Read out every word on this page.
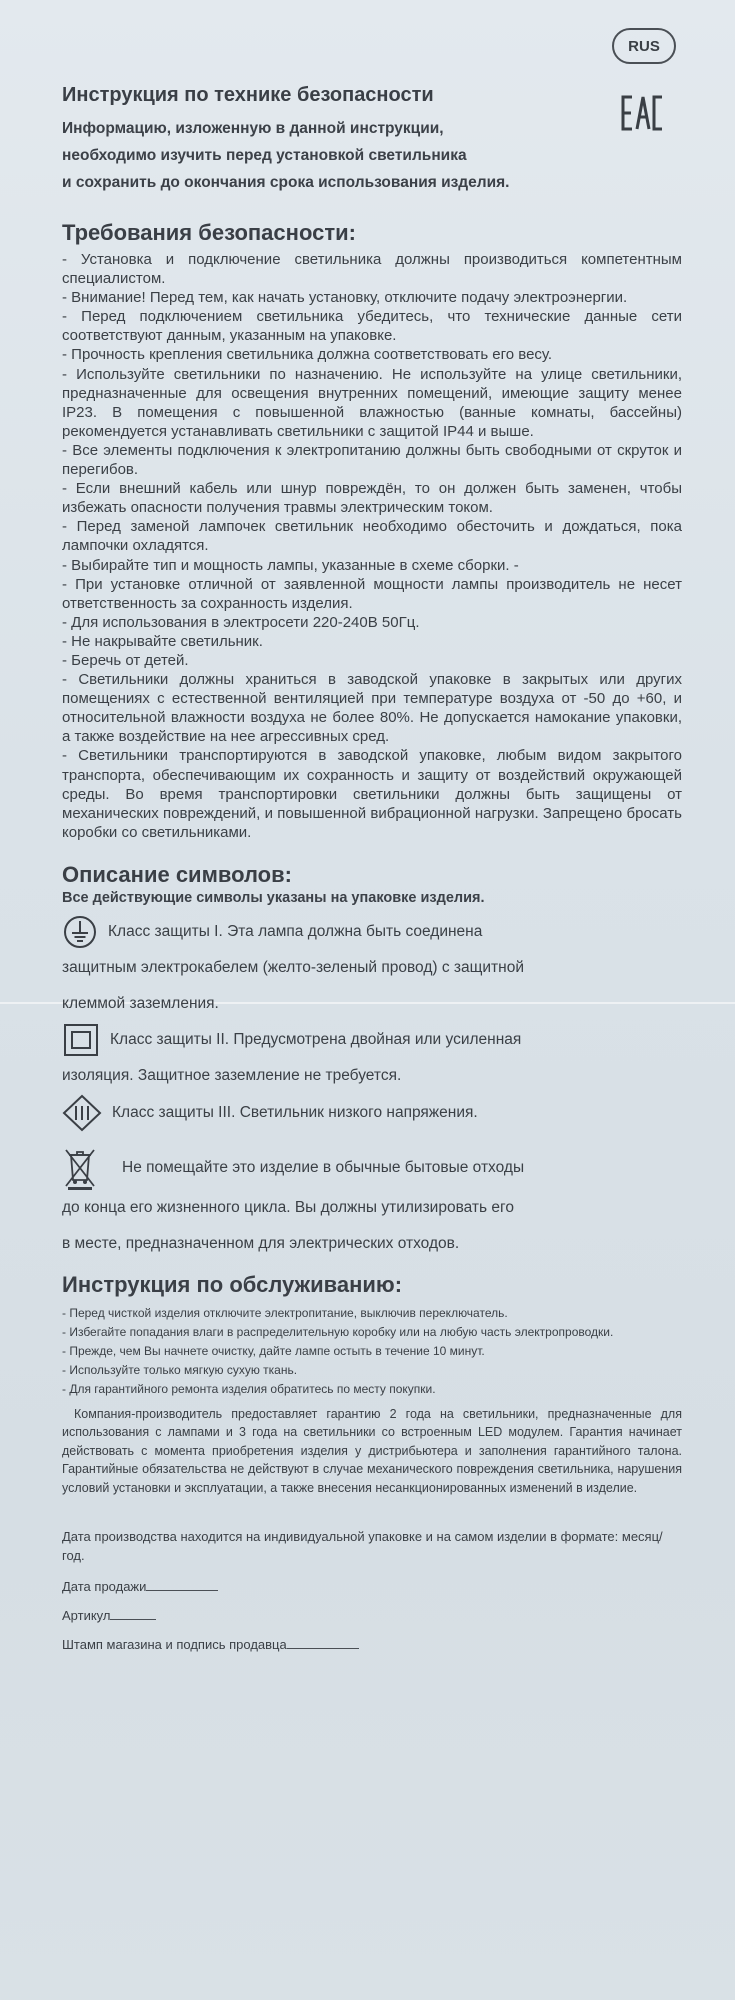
RUS
Инструкция по технике безопасности

Информацию, изложенную в данной инструкции,

необходимо изучить перед установкой светильника

и сохранить до окончания срока использования изделия.

Требования безопасности:

- Установка и подключение светильника должны производиться компетентным специалистом.

- Внимание! Перед тем, как начать установку, отключите подачу электроэнергии.

- Перед подключением светильника убедитесь, что технические данные сети соответствуют данным, указанным на упаковке.

- Прочность крепления светильника должна соответствовать его весу.

- Используйте светильники по назначению. Не используйте на улице светильники, предназначенные для освещения внутренних помещений, имеющие защиту менее IP23. В помещения с повышенной влажностью (ванные комнаты, бассейны) рекомендуется устанавливать светильники с защитой IP44 и выше.

- Все элементы подключения к электропитанию должны быть свободными от скруток и перегибов.

- Если внешний кабель или шнур повреждён, то он должен быть заменен, чтобы избежать опасности получения травмы электрическим током.

- Перед заменой лампочек светильник необходимо обесточить и дождаться, пока лампочки охладятся.

- Выбирайте тип и мощность лампы, указанные в схеме сборки. -

- При установке отличной от заявленной мощности лампы производитель не несет ответственность за сохранность изделия.

- Для использования в электросети 220-240В 50Гц.

- Не накрывайте светильник.

- Беречь от детей.

- Светильники должны храниться в заводской упаковке в закрытых или других помещениях с естественной вентиляцией при температуре воздуха от -50 до +60, и относительной влажности воздуха не более 80%. Не допускается намокание упаковки, а также воздействие на нее агрессивных сред.

- Светильники транспортируются в заводской упаковке, любым видом закрытого транспорта, обеспечивающим их сохранность и защиту от воздействий окружающей среды. Во время транспортировки светильники должны быть защищены от механических повреждений, и повышенной вибрационной нагрузки. Запрещено бросать коробки со светильниками.

Описание символов:
Все действующие символы указаны на упаковке изделия.
Класс защиты I. Эта лампа должна быть соединена
защитным электрокабелем (желто-зеленый провод) с защитной
клеммой заземления.
Класс защиты II. Предусмотрена двойная или усиленная
изоляция. Защитное заземление не требуется.
Класс защиты III. Светильник низкого напряжения.
Не помещайте это изделие в обычные бытовые отходы
до конца его жизненного цикла. Вы должны утилизировать его
в месте, предназначенном для электрических отходов.
Инструкция по обслуживанию:

- Перед чисткой изделия отключите электропитание, выключив переключатель.

- Избегайте попадания влаги в распределительную коробку или на любую часть электропроводки.

- Прежде, чем Вы начнете очистку, дайте лампе остыть в течение 10 минут.

- Используйте только мягкую сухую ткань.

- Для гарантийного ремонта изделия обратитесь по месту покупки.

Компания-производитель предоставляет гарантию 2 года на светильники, предназначенные для использования с лампами и 3 года на светильники со встроенным LED модулем. Гарантия начинает действовать с момента приобретения изделия у дистрибьютера и заполнения гарантийного талона. Гарантийные обязательства не действуют в случае механического повреждения светильника, нарушения условий установки и эксплуатации, а также внесения несанкционированных изменений в изделие.

Дата производства находится на индивидуальной упаковке и на самом изделии в формате: месяц/год.

Дата продажи
Артикул
Штамп магазина и подпись продавца
